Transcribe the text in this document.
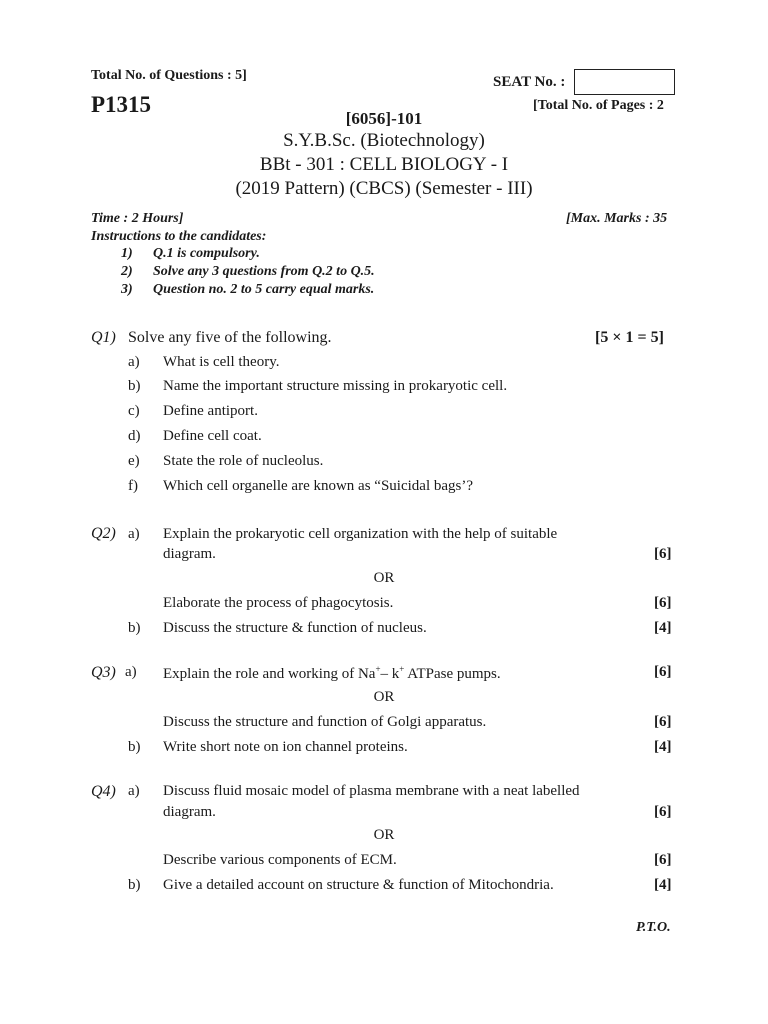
Total No. of Questions : 5]	SEAT No. :
P1315	[Total No. of Pages : 2
[6056]-101
S.Y.B.Sc. (Biotechnology)
BBt - 301 : CELL BIOLOGY - I
(2019 Pattern) (CBCS) (Semester - III)
Time : 2 Hours]	[Max. Marks : 35
Instructions to the candidates:
1) Q.1 is compulsory.
2) Solve any 3 questions from Q.2 to Q.5.
3) Question no. 2 to 5 carry equal marks.
Q1) Solve any five of the following.	[5 × 1 = 5]
a) What is cell theory.
b) Name the important structure missing in prokaryotic cell.
c) Define antiport.
d) Define cell coat.
e) State the role of nucleolus.
f) Which cell organelle are known as “Suicidal bags’?
Q2) a) Explain the prokaryotic cell organization with the help of suitable
diagram.	[6]
OR
Elaborate the process of phagocytosis.	[6]
b) Discuss the structure & function of nucleus.	[4]
Q3) a) Explain the role and working of Na+– k+ ATPase pumps.	[6]
OR
Discuss the structure and function of Golgi apparatus.	[6]
b) Write short note on ion channel proteins.	[4]
Q4) a) Discuss fluid mosaic model of plasma membrane with a neat labelled
diagram.	[6]
OR
Describe various components of ECM.	[6]
b) Give a detailed account on structure & function of Mitochondria.	[4]
P.T.O.
